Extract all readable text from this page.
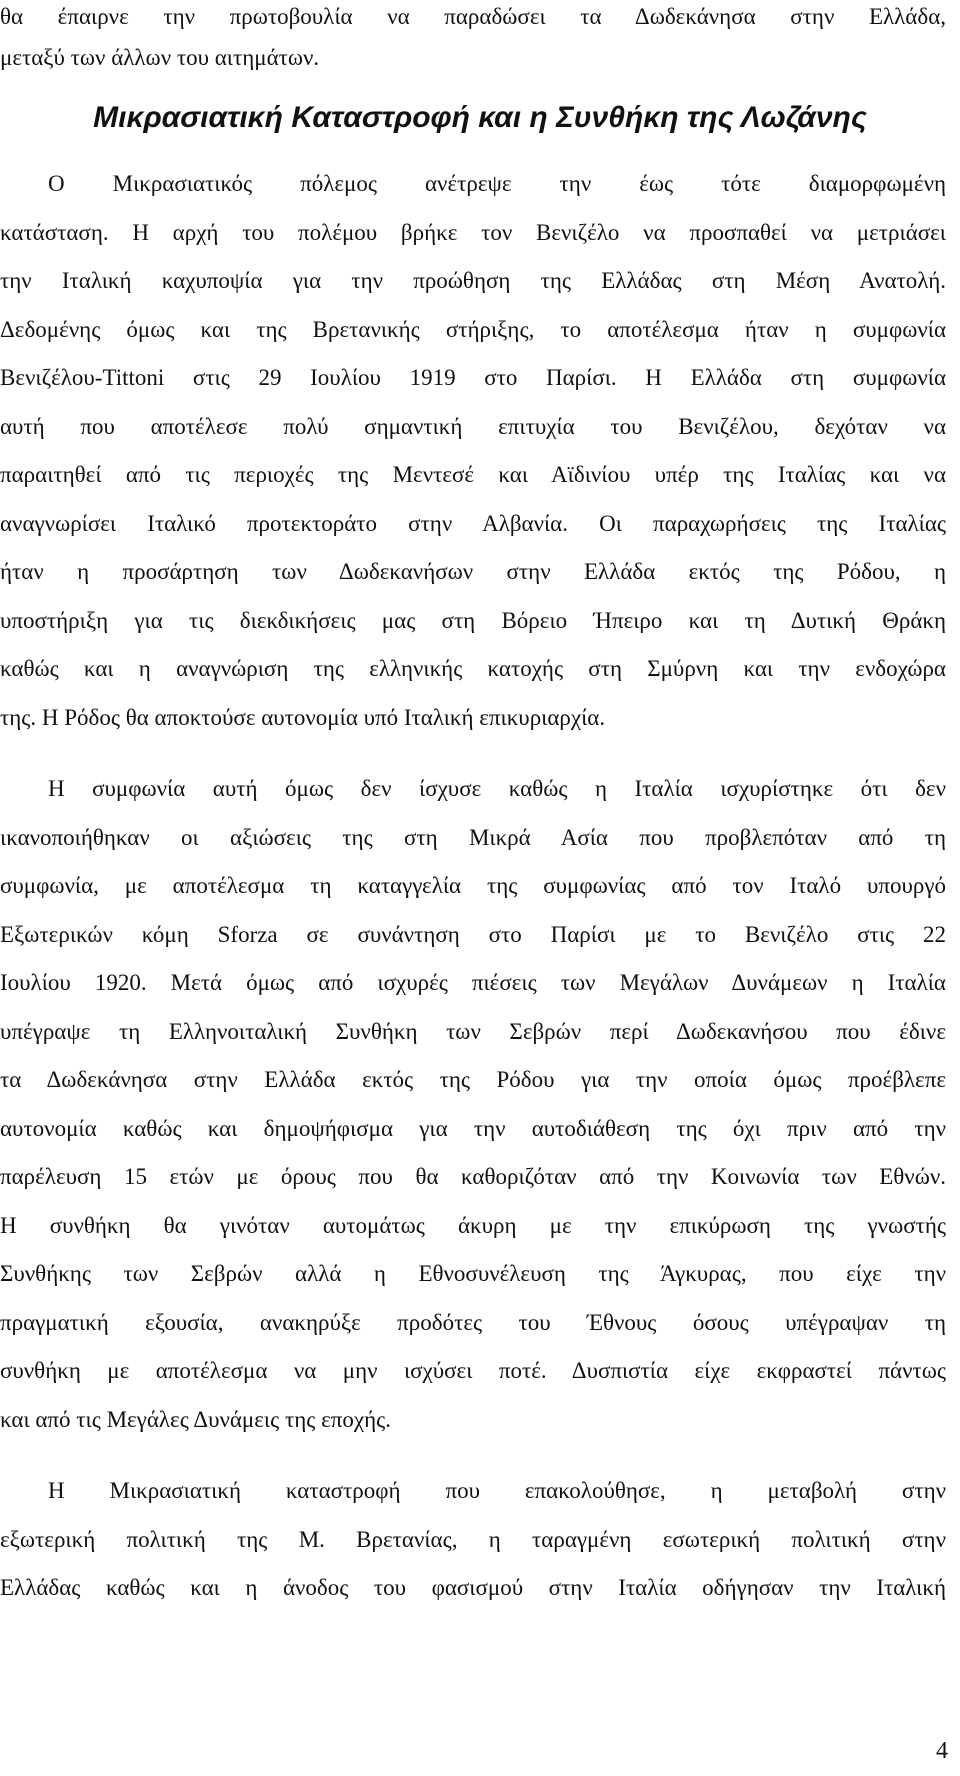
θα έπαιρνε την πρωτοβουλία να παραδώσει τα Δωδεκάνησα στην Ελλάδα,
μεταξύ των άλλων του αιτημάτων.
Μικρασιατική Καταστροφή και η Συνθήκη της Λωζάνης
Ο Μικρασιατικός πόλεμος ανέτρεψε την έως τότε διαμορφωμένη
κατάσταση. Η αρχή του πολέμου βρήκε τον Βενιζέλο να προσπαθεί να μετριάσει
την Ιταλική καχυποψία για την προώθηση της Ελλάδας στη Μέση Ανατολή.
Δεδομένης όμως και της Βρετανικής στήριξης, το αποτέλεσμα ήταν η συμφωνία
Βενιζέλου-Tittoni στις 29 Ιουλίου 1919 στο Παρίσι. Η Ελλάδα στη συμφωνία
αυτή που αποτέλεσε πολύ σημαντική επιτυχία του Βενιζέλου, δεχόταν να
παραιτηθεί από τις περιοχές της Μεντεσέ και Αϊδινίου υπέρ της Ιταλίας και να
αναγνωρίσει Ιταλικό προτεκτοράτο στην Αλβανία. Οι παραχωρήσεις της Ιταλίας
ήταν η προσάρτηση των Δωδεκανήσων στην Ελλάδα εκτός της Ρόδου, η
υποστήριξη για τις διεκδικήσεις μας στη Βόρειο Ήπειρο και τη Δυτική Θράκη
καθώς και η αναγνώριση της ελληνικής κατοχής στη Σμύρνη και την ενδοχώρα
της. Η Ρόδος θα αποκτούσε αυτονομία υπό Ιταλική επικυριαρχία.
Η συμφωνία αυτή όμως δεν ίσχυσε καθώς η Ιταλία ισχυρίστηκε ότι δεν
ικανοποιήθηκαν οι αξιώσεις της στη Μικρά Ασία που προβλεπόταν από τη
συμφωνία, με αποτέλεσμα τη καταγγελία της συμφωνίας από τον Ιταλό υπουργό
Εξωτερικών κόμη Sforza σε συνάντηση στο Παρίσι με το Βενιζέλο στις 22
Ιουλίου 1920. Μετά όμως από ισχυρές πιέσεις των Μεγάλων Δυνάμεων η Ιταλία
υπέγραψε τη Ελληνοιταλική Συνθήκη των Σεβρών περί Δωδεκανήσου που έδινε
τα Δωδεκάνησα στην Ελλάδα εκτός της Ρόδου για την οποία όμως προέβλεπε
αυτονομία καθώς και δημοψήφισμα για την αυτοδιάθεση της όχι πριν από την
παρέλευση 15 ετών με όρους που θα καθοριζόταν από την Κοινωνία των Εθνών.
Η συνθήκη θα γινόταν αυτομάτως άκυρη με την επικύρωση της γνωστής
Συνθήκης των Σεβρών αλλά η Εθνοσυνέλευση της Άγκυρας, που είχε την
πραγματική εξουσία, ανακηρύξε προδότες του Έθνους όσους υπέγραψαν τη
συνθήκη με αποτέλεσμα να μην ισχύσει ποτέ. Δυσπιστία είχε εκφραστεί πάντως
και από τις Μεγάλες Δυνάμεις της εποχής.
Η Μικρασιατική καταστροφή που επακολούθησε, η μεταβολή στην
εξωτερική πολιτική της Μ. Βρετανίας, η ταραγμένη εσωτερική πολιτική στην
Ελλάδας καθώς και η άνοδος του φασισμού στην Ιταλία οδήγησαν την Ιταλική
4
